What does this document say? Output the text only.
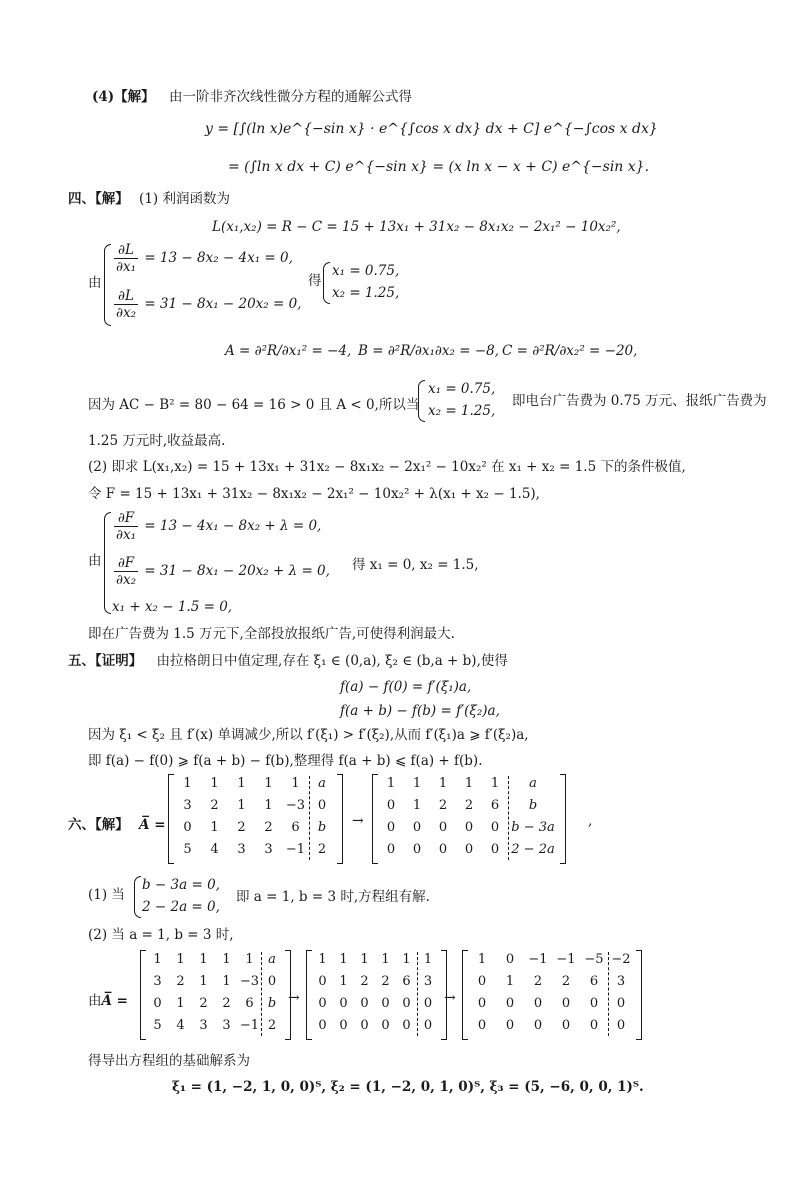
(4)【解】 由一阶非齐次线性微分方程的通解公式得
y = [∫(ln x)e^{−sin x} · e^{∫cos x dx} dx + C] e^{−∫cos x dx}
= (∫ln x dx + C) e^{−sin x} = (x ln x − x + C) e^{−sin x}.
四、【解】 (1) 利润函数为
L(x₁,x₂) = R − C = 15 + 13x₁ + 31x₂ − 8x₁x₂ − 2x₁² − 10x₂²,
由
$\frac{\partial L}{\text{∂x₁}} = 13 - 8x_2 - 4x_1 = 0$,
$\frac{\partial L}{\text{∂x₂}} = 31 - 8x_1 - 20x_2 = 0$,
得
x₁ = 0.75,
x₂ = 1.25,
A = ∂²R/∂x₁² = −4, B = ∂²R/∂x₁∂x₂ = −8, C = ∂²R/∂x₂² = −20,
因为 AC − B² = 80 − 64 = 16 > 0 且 A < 0,所以当
x₁ = 0.75,
x₂ = 1.25,
即电台广告费为 0.75 万元、报纸广告费为
1.25 万元时,收益最高.
(2) 即求 L(x₁,x₂) = 15 + 13x₁ + 31x₂ − 8x₁x₂ − 2x₁² − 10x₂² 在 x₁ + x₂ = 1.5 下的条件极值,
令 F = 15 + 13x₁ + 31x₂ − 8x₁x₂ − 2x₁² − 10x₂² + λ(x₁ + x₂ − 1.5),
由
$\frac{\partial F}{\text{∂x₁}} = 13 - 4x_1 - 8x_2 + \lambda = 0$,
$\frac{\partial F}{\text{∂x₂}} = 31 - 8x_1 - 20x_2 + \lambda = 0$,
x₁ + x₂ − 1.5 = 0,
得 x₁ = 0, x₂ = 1.5,
即在广告费为 1.5 万元下,全部投放报纸广告,可使得利润最大.
五、【证明】 由拉格朗日中值定理,存在 ξ₁ ∈ (0,a), ξ₂ ∈ (b,a + b),使得
f(a) − f(0) = f′(ξ₁)a,
f(a + b) − f(b) = f′(ξ₂)a,
因为 ξ₁ < ξ₂ 且 f′(x) 单调减少,所以 f′(ξ₁) > f′(ξ₂),从而 f′(ξ₁)a ⩾ f′(ξ₂)a,
即 f(a) − f(0) ⩾ f(a + b) − f(b),整理得 f(a + b) ⩽ f(a) + f(b).
六、【解】 A̅ =
1	1	1	1	1	a
3	2	1	1	−3 0
0	1	2	2	6	b
5	4	3	3	−1 2
→
1	1	1	1	1	a
0	1	2	2	6	b
0	0	0	0	0 b − 3a
0	0	0	0	0 2 − 2a
,
(1) 当
b − 3a = 0,
2 − 2a = 0,
即 a = 1, b = 3 时,方程组有解.
(2) 当 a = 1, b = 3 时,
由A̅ =
1	1	1	1	1	a
3	2	1	1 −3 0
0	1	2	2	6	b
5	4	3	3 −1 2
→
1 1 1 1 1	1
0 1 2 2 6	3
0 0 0 0 0	0
0 0 0 0 0	0
→
1	0	−1 −1 −5 −2
0	1	2	2	6	3
0	0	0	0	0	0
0	0	0	0	0	0
得导出方程组的基础解系为
ξ₁ = (1, −2, 1, 0, 0)ᵀ, ξ₂ = (1, −2, 0, 1, 0)ᵀ, ξ₃ = (5, −6, 0, 0, 1)ᵀ.
